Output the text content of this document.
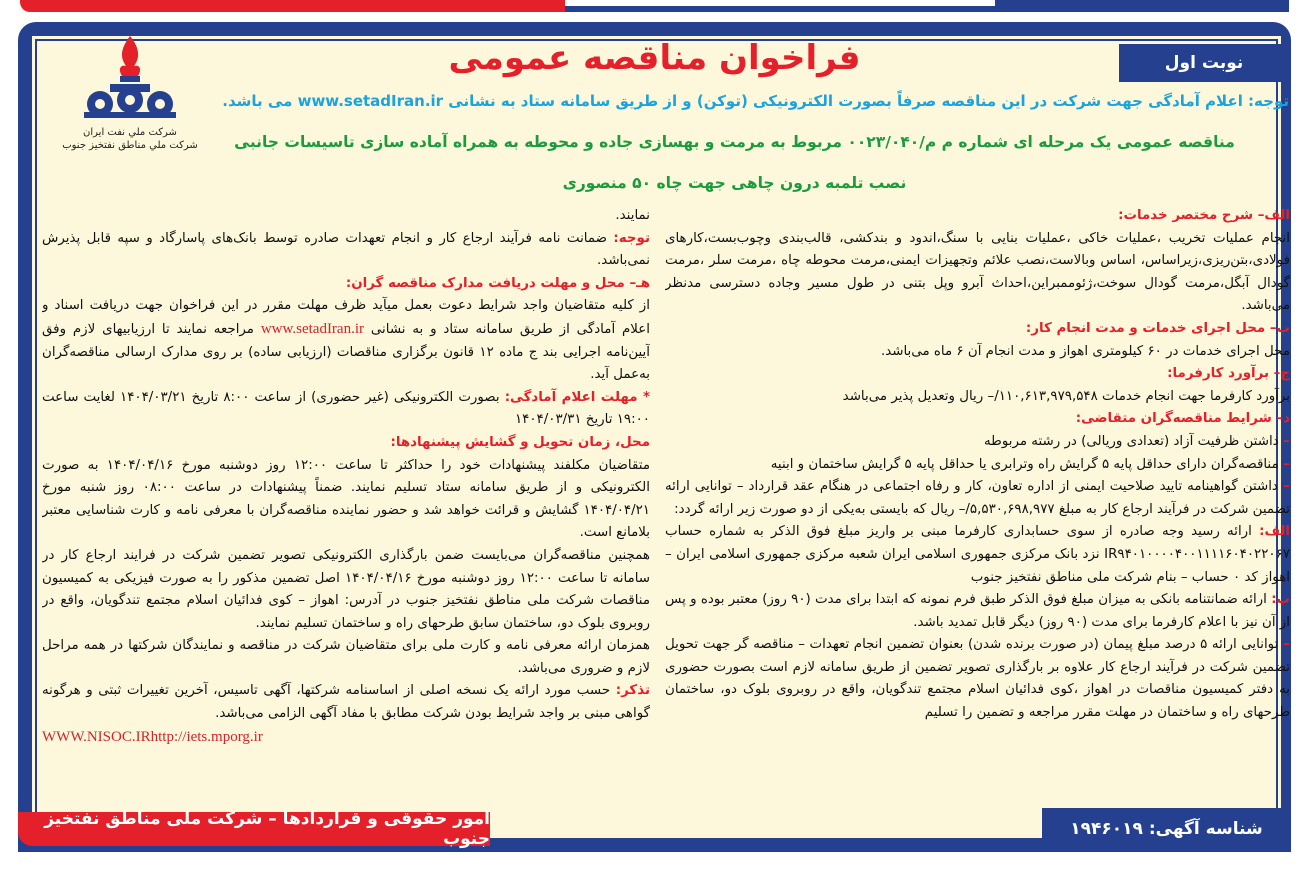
نوبت اول
فراخوان مناقصه عمومی
توجه: اعلام آمادگی جهت شرکت در این مناقصه صرفاً بصورت الکترونیکی (توکن) و از طریق سامانه ستاد به نشانی www.setadIran.ir می باشد.
مناقصه عمومی یک مرحله ای شماره م م/۰۰۲۳/۰۴۰ مربوط به مرمت و بهسازی جاده و محوطه به همراه آماده سازی تاسیسات جانبی
نصب تلمبه درون چاهی جهت چاه ۵۰ منصوری
شرکت ملي نفت ايران
شرکت ملي مناطق نفتخيز جنوب

الف– شرح مختصر خدمات:

انجام عملیات تخریب ،عملیات خاکی ،عملیات بنایی با سنگ،اندود و بندکشی، قالب‌بندی وچوب‌بست،کارهای فولادی،بتن‌ریزی،زیراساس، اساس وبالاست،نصب علائم وتجهیزات ایمنی،مرمت محوطه چاه ،مرمت سلر ،مرمت گودال آبگل،مرمت گودال سوخت،ژئوممبراین،احداث آبرو وپل بتنی در طول مسیر وجاده دسترسی مدنظر می‌باشد.

ب– محل اجرای خدمات و مدت انجام کار:

محل اجرای خدمات در ۶۰ کیلومتری اهواز و مدت انجام آن ۶ ماه می‌باشد.

ج– برآورد کارفرما:

برآورد کارفرما جهت انجام خدمات ۱۱۰,۶۱۳,۹۷۹,۵۴۸/– ریال وتعدیل پذیر می‌باشد

د– شرایط مناقصه‌گران متقاضی:

– داشتن ظرفیت آزاد (تعدادی وریالی) در رشته مربوطه

– مناقصه‌گران دارای حداقل پایه ۵ گرایش راه وترابری یا حداقل پایه ۵ گرایش ساختمان و ابنیه

– داشتن گواهینامه تایید صلاحیت ایمنی از اداره تعاون، کار و رفاه اجتماعی در هنگام عقد قرارداد – توانایی ارائه تضمین شرکت در فرآیند ارجاع کار به مبلغ ۵,۵۳۰,۶۹۸,۹۷۷/– ریال که بایستی به‌یکی از دو صورت زیر ارائه گردد:

الف: ارائه رسید وجه صادره از سوی حسابداری کارفرما مبنی بر واریز مبلغ فوق الذکر به شماره حساب IR۹۴۰۱۰۰۰۰۴۰۰۱۱۱۱۶۰۴۰۲۲۰۶۷ نزد بانک مرکزی جمهوری اسلامی ایران شعبه مرکزی جمهوری اسلامی ایران – اهواز کد ۰ حساب – بنام شرکت ملی مناطق نفتخیز جنوب

ب: ارائه ضمانتنامه بانکی به میزان مبلغ فوق الذکر طبق فرم نمونه که ابتدا برای مدت (۹۰ روز) معتبر بوده و پس از آن نیز با اعلام کارفرما برای مدت (۹۰ روز) دیگر قابل تمدید باشد.

– توانایی ارائه ۵ درصد مبلغ پیمان (در صورت برنده شدن) بعنوان تضمین انجام تعهدات – مناقصه گر جهت تحویل تضمین شرکت در فرآیند ارجاع کار علاوه بر بارگذاری تصویر تضمین از طریق سامانه لازم است بصورت حضوری به دفتر کمیسیون مناقصات در اهواز ،کوی فدائیان اسلام مجتمع تندگویان، واقع در روبروی بلوک دو، ساختمان طرحهای راه و ساختمان در مهلت مقرر مراجعه و تضمین را تسلیم

نمایند.

توجه: ضمانت نامه فرآیند ارجاع کار و انجام تعهدات صادره توسط بانک‌های پاسارگاد و سپه قابل پذیرش نمی‌باشد.

هـ– محل و مهلت دریافت مدارک مناقصه گران:

از کلیه متقاضیان واجد شرایط دعوت بعمل میآید ظرف مهلت مقرر در این فراخوان جهت دریافت اسناد و اعلام آمادگی از طریق سامانه ستاد و به نشانی www.setadIran.ir مراجعه نمایند تا ارزیابیهای لازم وفق آیین‌نامه اجرایی بند ج ماده ۱۲ قانون برگزاری مناقصات (ارزیابی ساده) بر روی مدارک ارسالی مناقصه‌گران به‌عمل آید.

* مهلت اعلام آمادگی: بصورت الکترونیکی (غیر حضوری) از ساعت ۸:۰۰ تاریخ ۱۴۰۴/۰۳/۲۱ لغایت ساعت ۱۹:۰۰ تاریخ ۱۴۰۴/۰۳/۳۱

محل، زمان تحویل و گشایش پیشنهادها:

متقاضیان مکلفند پیشنهادات خود را حداکثر تا ساعت ۱۲:۰۰ روز دوشنبه مورخ ۱۴۰۴/۰۴/۱۶ به صورت الکترونیکی و از طریق سامانه ستاد تسلیم نمایند. ضمناً پیشنهادات در ساعت ۰۸:۰۰ روز شنبه مورخ ۱۴۰۴/۰۴/۲۱ گشایش و قرائت خواهد شد و حضور نماینده مناقصه‌گران با معرفی نامه و کارت شناسایی معتبر بلامانع است.

همچنین مناقصه‌گران می‌بایست ضمن بارگذاری الکترونیکی تصویر تضمین شرکت در فرایند ارجاع کار در سامانه تا ساعت ۱۲:۰۰ روز دوشنبه مورخ ۱۴۰۴/۰۴/۱۶ اصل تضمین مذکور را به صورت فیزیکی به کمیسیون مناقصات شرکت ملی مناطق نفتخیز جنوب در آدرس: اهواز – کوی فدائیان اسلام مجتمع تندگویان، واقع در روبروی بلوک دو، ساختمان سابق طرحهای راه و ساختمان تسلیم نمایند.

همزمان ارائه معرفی نامه و کارت ملی برای متقاضیان شرکت در مناقصه و نمایندگان شرکتها در همه مراحل لازم و ضروری می‌باشد.

تذکر: حسب مورد ارائه یک نسخه اصلی از اساسنامه شرکتها، آگهی تاسیس، آخرین تغییرات ثبتی و هرگونه گواهی مبنی بر واجد شرایط بودن شرکت مطابق با مفاد آگهی الزامی می‌باشد.

WWW.NISOC.IRhttp://iets.mporg.ir

امور حقوقی و قراردادها – شرکت ملی مناطق نفتخیز جنوب	شناسه آگهی: ۱۹۴۶۰۱۹
